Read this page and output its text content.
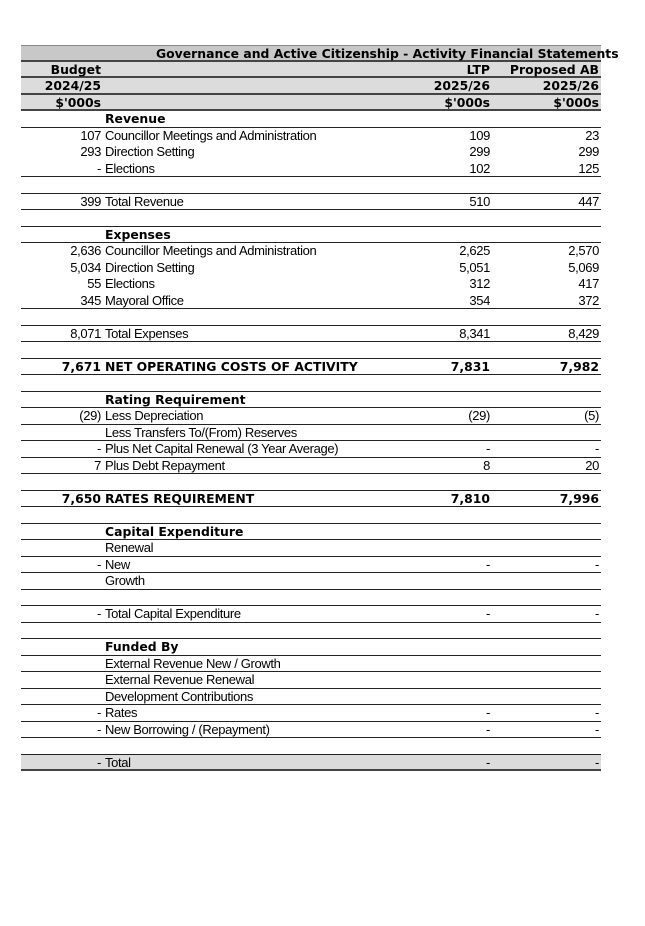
Governance and Active Citizenship - Activity Financial Statements
Budget	LTP Proposed AB
2024/25	2025/26	2025/26
$'000s	$'000s	$'000s
Revenue
107 Councillor Meetings and Administration	109	23
293 Direction Setting	299	299
- Elections	102	125
399 Total Revenue	510	447
Expenses
2,636 Councillor Meetings and Administration	2,625	2,570
5,034 Direction Setting	5,051	5,069
55 Elections	312	417
345 Mayoral Office	354	372
8,071 Total Expenses	8,341	8,429
7,671 NET OPERATING COSTS OF ACTIVITY	7,831	7,982
Rating Requirement
(29) Less Depreciation	(29)	(5)
Less Transfers To/(From) Reserves
- Plus Net Capital Renewal (3 Year Average)	-	-
7 Plus Debt Repayment	8	20
7,650 RATES REQUIREMENT	7,810	7,996
Capital Expenditure
Renewal
- New	-	-
Growth
- Total Capital Expenditure	-	-
Funded By
External Revenue New / Growth
External Revenue Renewal
Development Contributions
- Rates	-	-
- New Borrowing / (Repayment)	-	-
- Total	-	-
